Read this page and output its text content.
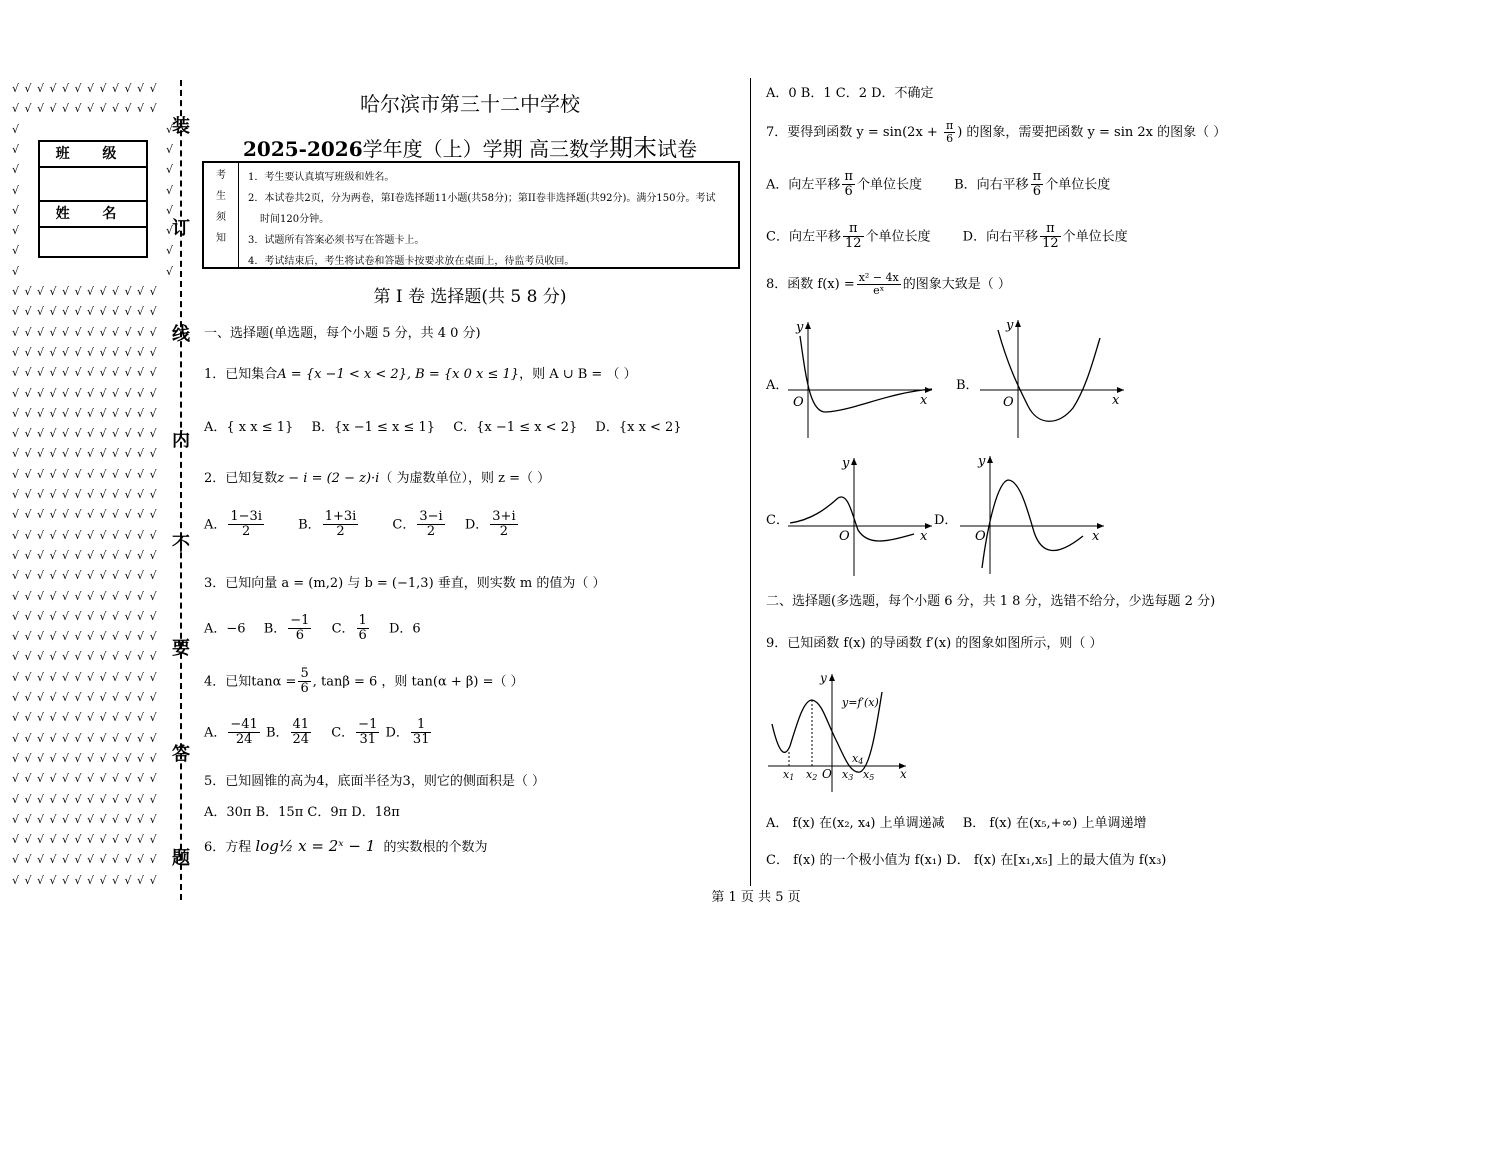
√ √ √ √ √ √ √ √ √ √ √ √
√ √ √ √ √ √ √ √ √ √ √ √
√	√
√	√
√	√
√	√
√	√
√	√
√	√
√	√
√ √ √ √ √ √ √ √ √ √ √ √
√ √ √ √ √ √ √ √ √ √ √ √
√ √ √ √ √ √ √ √ √ √ √ √
√ √ √ √ √ √ √ √ √ √ √ √
√ √ √ √ √ √ √ √ √ √ √ √
√ √ √ √ √ √ √ √ √ √ √ √
√ √ √ √ √ √ √ √ √ √ √ √
√ √ √ √ √ √ √ √ √ √ √ √
√ √ √ √ √ √ √ √ √ √ √ √
√ √ √ √ √ √ √ √ √ √ √ √
√ √ √ √ √ √ √ √ √ √ √ √
√ √ √ √ √ √ √ √ √ √ √ √
√ √ √ √ √ √ √ √ √ √ √ √
√ √ √ √ √ √ √ √ √ √ √ √
√ √ √ √ √ √ √ √ √ √ √ √
√ √ √ √ √ √ √ √ √ √ √ √
√ √ √ √ √ √ √ √ √ √ √ √
√ √ √ √ √ √ √ √ √ √ √ √
√ √ √ √ √ √ √ √ √ √ √ √
√ √ √ √ √ √ √ √ √ √ √ √
√ √ √ √ √ √ √ √ √ √ √ √
√ √ √ √ √ √ √ √ √ √ √ √
√ √ √ √ √ √ √ √ √ √ √ √
√ √ √ √ √ √ √ √ √ √ √ √
√ √ √ √ √ √ √ √ √ √ √ √
√ √ √ √ √ √ √ √ √ √ √ √
√ √ √ √ √ √ √ √ √ √ √ √
√ √ √ √ √ √ √ √ √ √ √ √
√ √ √ √ √ √ √ √ √ √ √ √
√ √ √ √ √ √ √ √ √ √ √ √
装
订
线
内
不
要
答
题
班 级
姓 名
哈尔滨市第三十二中学校
2025-2026学年度（上）学期 高三数学期末试卷
考
生
须
知
1．考生要认真填写班级和姓名。
2．本试卷共2页，分为两卷，第I卷选择题11小题(共58分)；第II卷非选择题(共92分)。满分150分。考试
时间120分钟。
3．试题所有答案必须书写在答题卡上。
4．考试结束后，考生将试卷和答题卡按要求放在桌面上，待监考员收回。
第 I 卷 选择题(共 5 8 分)
一、选择题(单选题，每个小题 5 分，共 4 0 分)
1．已知集合A = {x −1 < x < 2}, B = {x 0 x ≤ 1}，则 A ∪ B = （ ）
A．{ x x ≤ 1} B．{x −1 ≤ x ≤ 1} C．{x −1 ≤ x < 2} D．{x x < 2}
2．已知复数z − i = (2 − z)·i（ 为虚数单位），则 z =（ ）
A． $\frac{1-3i}{2}$	B． $\frac{1+3i}{2}$	C． $\frac{3-i}{2}$ D． $\frac{3+i}{2}$
3．已知向量 a = (m,2) 与 b = (−1,3) 垂直，则实数 m 的值为（ ）
A．−6 B． $\frac{-1}{6}$ C． $\frac{1}{6}$ D．6
4．已知$\tan\alpha = \frac{5}{6}$ , tanβ = 6 ，则 tan(α + β) =（ ）
A． $\frac{-41}{24}$ B． $\frac{41}{24}$ C． $\frac{-1}{31}$ D． $\frac{1}{31}$
5．已知圆锥的高为4，底面半径为3，则它的侧面积是（ ）
A．30π B．15π C．9π D．18π
6．方程 log½ x = 2ˣ − 1 的实数根的个数为
A．0 B．1 C．2 D．不确定
7．要得到函数 $y = \sin(2x + \frac{\pi}{6}$ ) 的图象，需要把函数 y = sin 2x 的图象（ ）
A．向左平移 $\frac{\pi}{6}$ 个单位长度 B．向右平移 $\frac{\pi}{6}$ 个单位长度
C．向左平移 $\frac{\pi}{12}$ 个单位长度 D．向右平移 $\frac{\pi}{12}$ 个单位长度
8．函数 $f(x) = \frac{\text{x² − 4x}}{\text{eˣ}}$ 的图象大致是（ ）
A．
y
x
O
B．
y
x
O
C．
y
x
O
D．
y
x
O
二、选择题(多选题，每个小题 6 分，共 1 8 分，选错不给分，少选每题 2 分)
9．已知函数 f(x) 的导函数 f′(x) 的图象如图所示，则（ ）
y
x
O
y=f′(x)
x1 x2 x3
x4
x5
A． f(x) 在(x₂, x₄) 上单调递减 B． f(x) 在(x₅,+∞) 上单调递增
C． f(x) 的一个极小值为 f(x₁) D． f(x) 在[x₁,x₅] 上的最大值为 f(x₃)
第 1 页 共 5 页
